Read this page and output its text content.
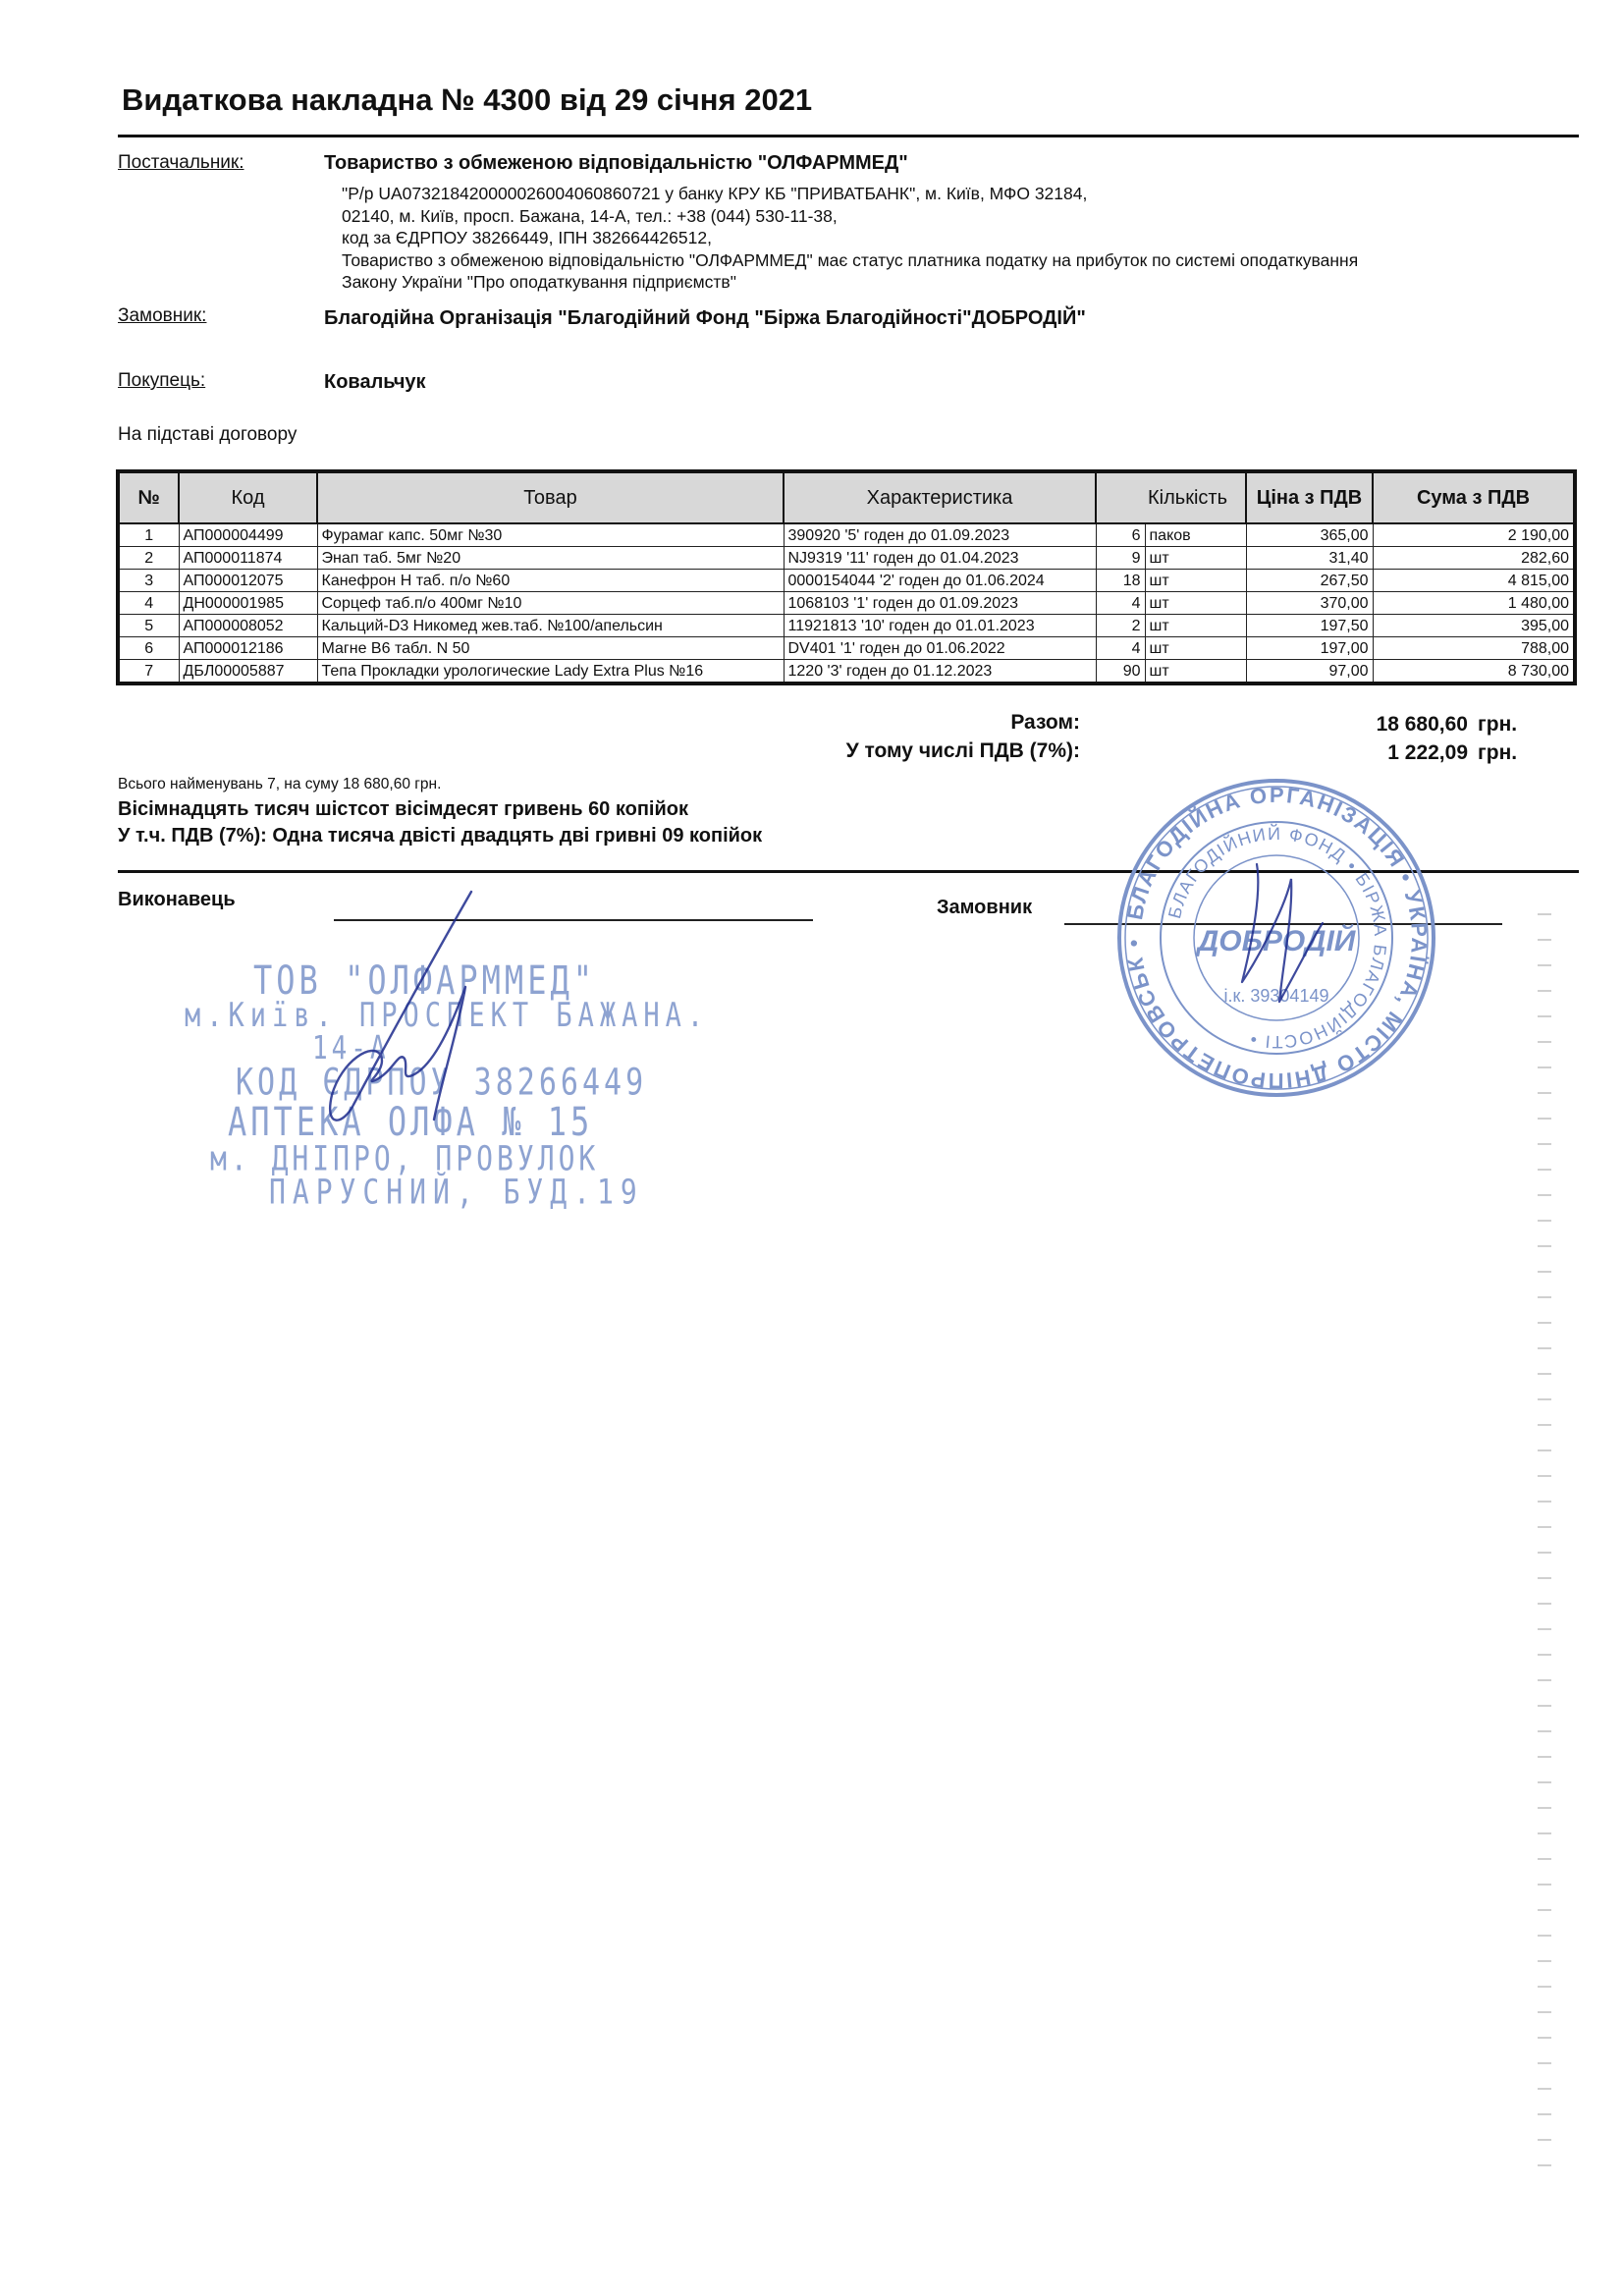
Видаткова накладна № 4300 від 29 січня 2021
Постачальник:	Товариство з обмеженою відповідальністю "ОЛФАРММЕД"
"Р/р UA073218420000026004060860721 у банку КРУ КБ "ПРИВАТБАНК", м. Київ, МФО 32184,
02140, м. Київ, просп. Бажана, 14-А, тел.: +38 (044) 530-11-38,
код за ЄДРПОУ 38266449, ІПН 382664426512,
Товариство з обмеженою відповідальністю "ОЛФАРММЕД" має статус платника податку на прибуток по системі оподаткування
Закону України "Про оподаткування підприємств"
Замовник:	Благодійна Організація "Благодійний Фонд "Біржа Благодійності"ДОБРОДІЙ"
Покупець:	Ковальчук
На підставі договору
№	Код	Товар	Характеристика	Кількість		Ціна з ПДВ	Сума з ПДВ
1	АП000004499	Фурамаг капс. 50мг №30	390920 '5' годен до 01.09.2023	6	паков	365,00	2 190,00
2	АП000011874	Энап таб. 5мг №20	NJ9319 '11' годен до 01.04.2023	9	шт	31,40	282,60
3	АП000012075	Канефрон Н таб. п/о №60	0000154044 '2' годен до 01.06.2024	18	шт	267,50	4 815,00
4	ДН000001985	Сорцеф таб.п/о 400мг №10	1068103 '1' годен до 01.09.2023	4	шт	370,00	1 480,00
5	АП000008052	Кальций-D3 Никомед жев.таб. №100/апельсин	11921813 '10' годен до 01.01.2023	2	шт	197,50	395,00
6	АП000012186	Магне В6 табл. N 50	DV401 '1' годен до 01.06.2022	4	шт	197,00	788,00
7	ДБЛ00005887	Тепа Прокладки урологические Lady Extra Plus №16	1220 '3' годен до 01.12.2023	90	шт	97,00	8 730,00
Разом:	18 680,60 грн.
У тому числі ПДВ (7%):	1 222,09 грн.
Всього найменувань 7, на суму 18 680,60 грн.
Вісімнадцять тисяч шістсот вісімдесят гривень 60 копійок
У т.ч. ПДВ (7%): Одна тисяча двісті двадцять дві гривні 09 копійок
Виконавець	Замовник
ТОВ "ОЛФАРММЕД"
м.Київ. ПРОСПЕКТ БАЖАНА.
14-А
КОД ЄДРПОУ 38266449
АПТЕКА ОЛФА № 15
м. ДНІПРО, ПРОВУЛОК
ПАРУСНИЙ, БУД.19
БЛАГОДІЙНА ОРГАНІЗАЦІЯ • УКРАЇНА, МІСТО ДНІПРОПЕТРОВСЬК •
БЛАГОДІЙНИЙ ФОНД • БІРЖА БЛАГОДІЙНОСТІ •
ДОБРОДІЙ
і.к. 39304149
